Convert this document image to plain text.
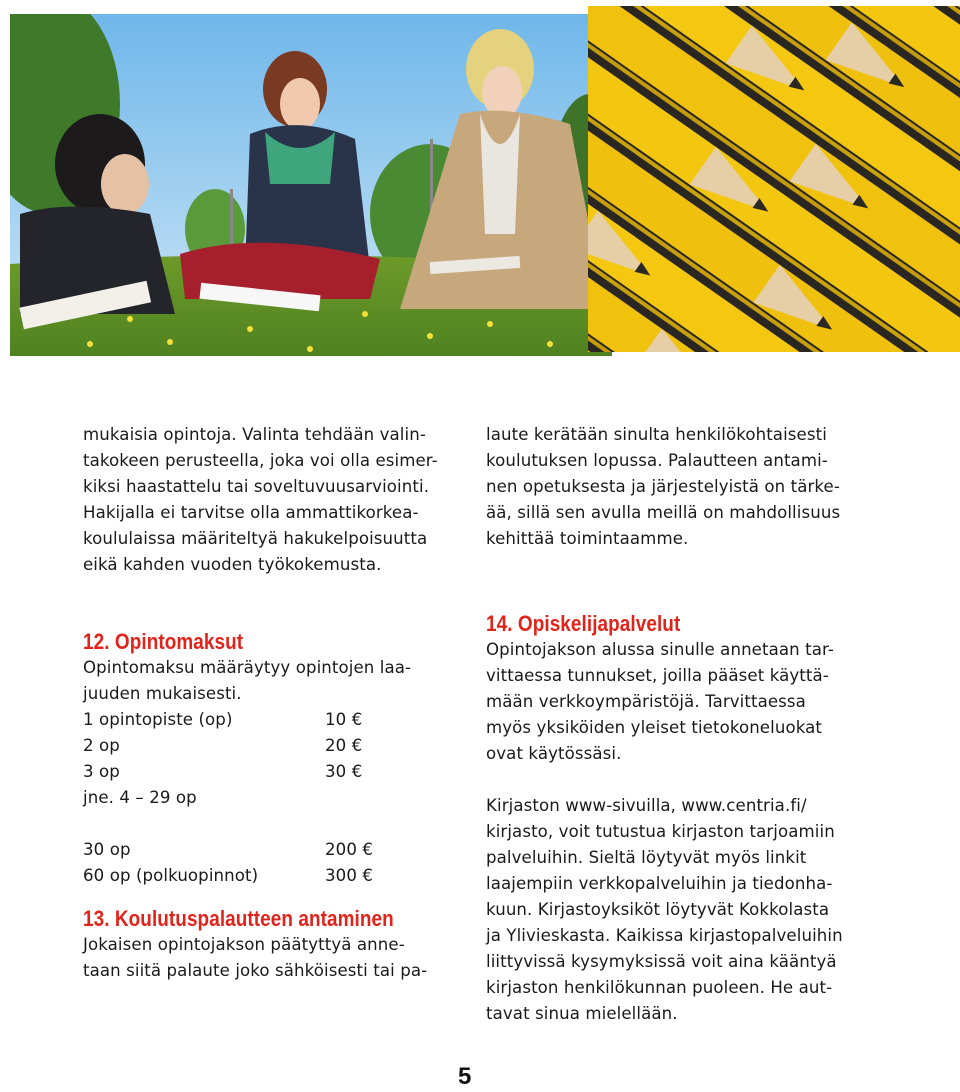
mukaisia opintoja. Valinta tehdään valin-
takokeen perusteella, joka voi olla esimer-
kiksi haastattelu tai soveltuvuusarviointi.
Hakijalla ei tarvitse olla ammattikorkea-
koululaissa määriteltyä hakukelpoisuutta
eikä kahden vuoden työkokemusta.

12. Opintomaksut

Opintomaksu määräytyy opintojen laa-
juuden mukaisesti.

1 opintopiste (op)	10 €
2 op	20 €
3 op	30 €
jne. 4 – 29 op
30 op	200 €
60 op (polkuopinnot)	300 €
13. Koulutuspalautteen antaminen

Jokaisen opintojakson päätyttyä anne-
taan siitä palaute joko sähköisesti tai pa-

laute kerätään sinulta henkilökohtaisesti
koulutuksen lopussa. Palautteen antami-
nen opetuksesta ja järjestelyistä on tärke-
ää, sillä sen avulla meillä on mahdollisuus
kehittää toimintaamme.

14. Opiskelijapalvelut

Opintojakson alussa sinulle annetaan tar-
vittaessa tunnukset, joilla pääset käyttä-
mään verkkoympäristöjä. Tarvittaessa
myös yksiköiden yleiset tietokoneluokat
ovat käytössäsi.

Kirjaston www-sivuilla, www.centria.fi/
kirjasto, voit tutustua kirjaston tarjoamiin
palveluihin. Sieltä löytyvät myös linkit
laajempiin verkkopalveluihin ja tiedonha-
kuun. Kirjastoyksiköt löytyvät Kokkolasta
ja Ylivieskasta. Kaikissa kirjastopalveluihin
liittyvissä kysymyksissä voit aina kääntyä
kirjaston henkilökunnan puoleen. He aut-
tavat sinua mielellään.

5
